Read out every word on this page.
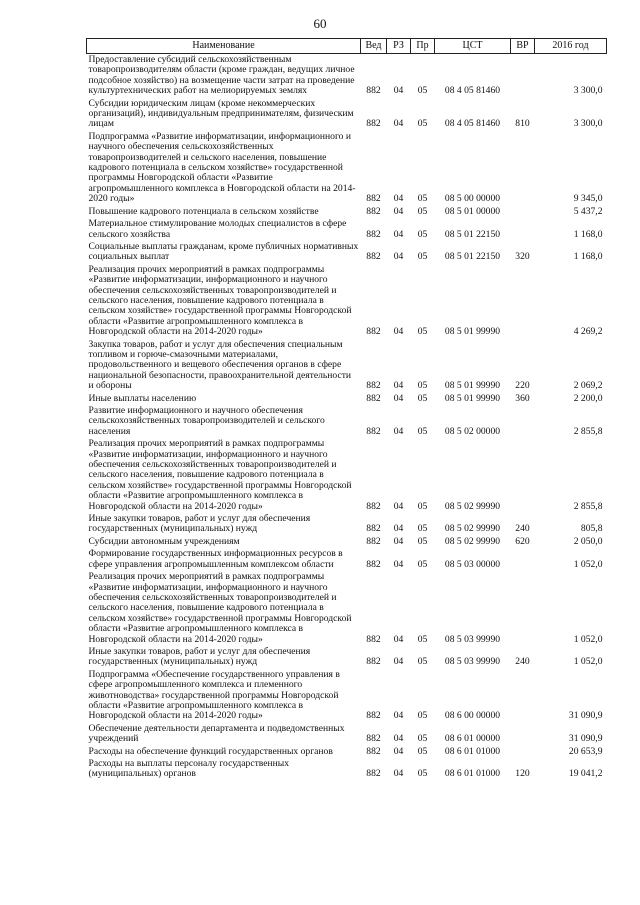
60
Наименование	Вед	РЗ	Пр	ЦСТ	ВР	2016 год
Предоставление субсидий сельскохозяйственным товаропроизводителям области (кроме граждан, ведущих личное подсобное хозяйство) на возмещение части затрат на проведение культуртехнических работ на мелиорируемых землях	882	04	05	08 4 05 81460		3 300,0
Субсидии юридическим лицам (кроме некоммерческих организаций), индивидуальным предпринимателям, физическим лицам	882	04	05	08 4 05 81460	810	3 300,0
Подпрограмма «Развитие информатизации, информационного и научного обеспечения сельскохозяйственных товаропроизводителей и сельского населения, повышение кадрового потенциала в сельском хозяйстве» государственной программы Новгородской области «Развитие агропромышленного комплекса в Новгородской области на 2014-2020 годы»	882	04	05	08 5 00 00000		9 345,0
Повышение кадрового потенциала в сельском хозяйстве	882	04	05	08 5 01 00000		5 437,2
Материальное стимулирование молодых специалистов в сфере сельского хозяйства	882	04	05	08 5 01 22150		1 168,0
Социальные выплаты гражданам, кроме публичных нормативных социальных выплат	882	04	05	08 5 01 22150	320	1 168,0
Реализация прочих мероприятий в рамках подпрограммы «Развитие информатизации, информационного и научного обеспечения сельскохозяйственных товаропроизводителей и сельского населения, повышение кадрового потенциала в сельском хозяйстве» государственной программы Новгородской области «Развитие агропромышленного комплекса в Новгородской области на 2014-2020 годы»	882	04	05	08 5 01 99990		4 269,2
Закупка товаров, работ и услуг для обеспечения специальным топливом и горюче-смазочными материалами, продовольственного и вещевого обеспечения органов в сфере национальной безопасности, правоохранительной деятельности и обороны	882	04	05	08 5 01 99990	220	2 069,2
Иные выплаты населению	882	04	05	08 5 01 99990	360	2 200,0
Развитие информационного и научного обеспечения сельскохозяйственных товаропроизводителей и сельского населения	882	04	05	08 5 02 00000		2 855,8
Реализация прочих мероприятий в рамках подпрограммы «Развитие информатизации, информационного и научного обеспечения сельскохозяйственных товаропроизводителей и сельского населения, повышение кадрового потенциала в сельском хозяйстве» государственной программы Новгородской области «Развитие агропромышленного комплекса в Новгородской области на 2014-2020 годы»	882	04	05	08 5 02 99990		2 855,8
Иные закупки товаров, работ и услуг для обеспечения государственных (муниципальных) нужд	882	04	05	08 5 02 99990	240	805,8
Субсидии автономным учреждениям	882	04	05	08 5 02 99990	620	2 050,0
Формирование государственных информационных ресурсов в сфере управления агропромышленным комплексом области	882	04	05	08 5 03 00000		1 052,0
Реализация прочих мероприятий в рамках подпрограммы «Развитие информатизации, информационного и научного обеспечения сельскохозяйственных товаропроизводителей и сельского населения, повышение кадрового потенциала в сельском хозяйстве» государственной программы Новгородской области «Развитие агропромышленного комплекса в Новгородской области на 2014-2020 годы»	882	04	05	08 5 03 99990		1 052,0
Иные закупки товаров, работ и услуг для обеспечения государственных (муниципальных) нужд	882	04	05	08 5 03 99990	240	1 052,0
Подпрограмма «Обеспечение государственного управления в сфере агропромышленного комплекса и племенного животноводства» государственной программы Новгородской области «Развитие агропромышленного комплекса в Новгородской области на 2014-2020 годы»	882	04	05	08 6 00 00000		31 090,9
Обеспечение деятельности департамента и подведомственных учреждений	882	04	05	08 6 01 00000		31 090,9
Расходы на обеспечение функций государственных органов	882	04	05	08 6 01 01000		20 653,9
Расходы на выплаты персоналу государственных (муниципальных) органов	882	04	05	08 6 01 01000	120	19 041,2
